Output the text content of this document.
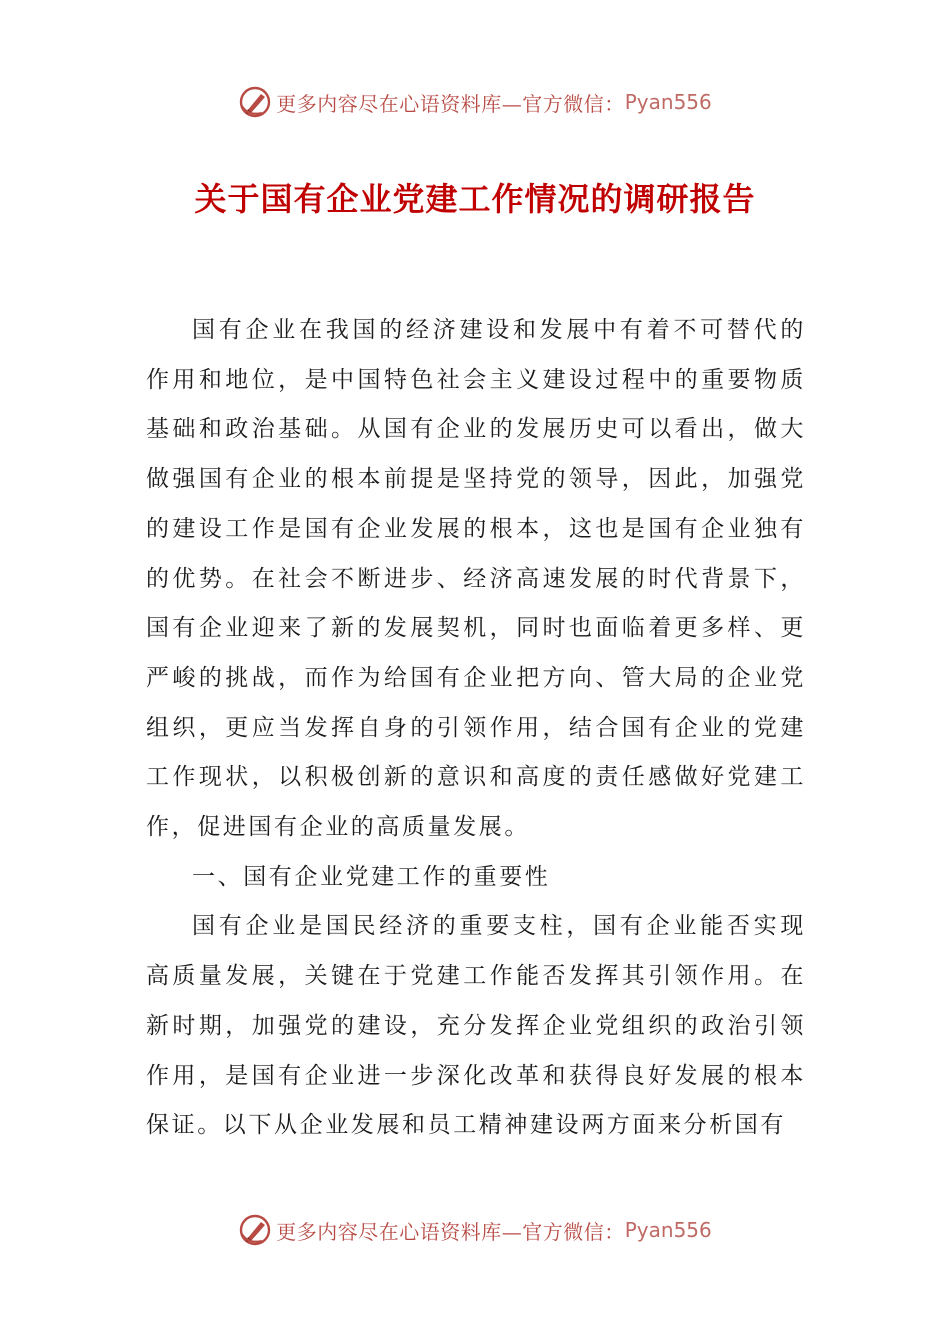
更多内容尽在心语资料库—官方微信： Pyan556
关于国有企业党建工作情况的调研报告

国有企业在我国的经济建设和发展中有着不可替代的作用和地位，是中国特色社会主义建设过程中的重要物质基础和政治基础。从国有企业的发展历史可以看出，做大做强国有企业的根本前提是坚持党的领导，因此，加强党的建设工作是国有企业发展的根本，这也是国有企业独有的优势。在社会不断进步、经济高速发展的时代背景下，国有企业迎来了新的发展契机，同时也面临着更多样、更严峻的挑战，而作为给国有企业把方向、管大局的企业党组织，更应当发挥自身的引领作用，结合国有企业的党建工作现状，以积极创新的意识和高度的责任感做好党建工作，促进国有企业的高质量发展。

一、国有企业党建工作的重要性

国有企业是国民经济的重要支柱，国有企业能否实现高质量发展，关键在于党建工作能否发挥其引领作用。在新时期，加强党的建设，充分发挥企业党组织的政治引领作用，是国有企业进一步深化改革和获得良好发展的根本保证。以下从企业发展和员工精神建设两方面来分析国有

更多内容尽在心语资料库—官方微信： Pyan556
